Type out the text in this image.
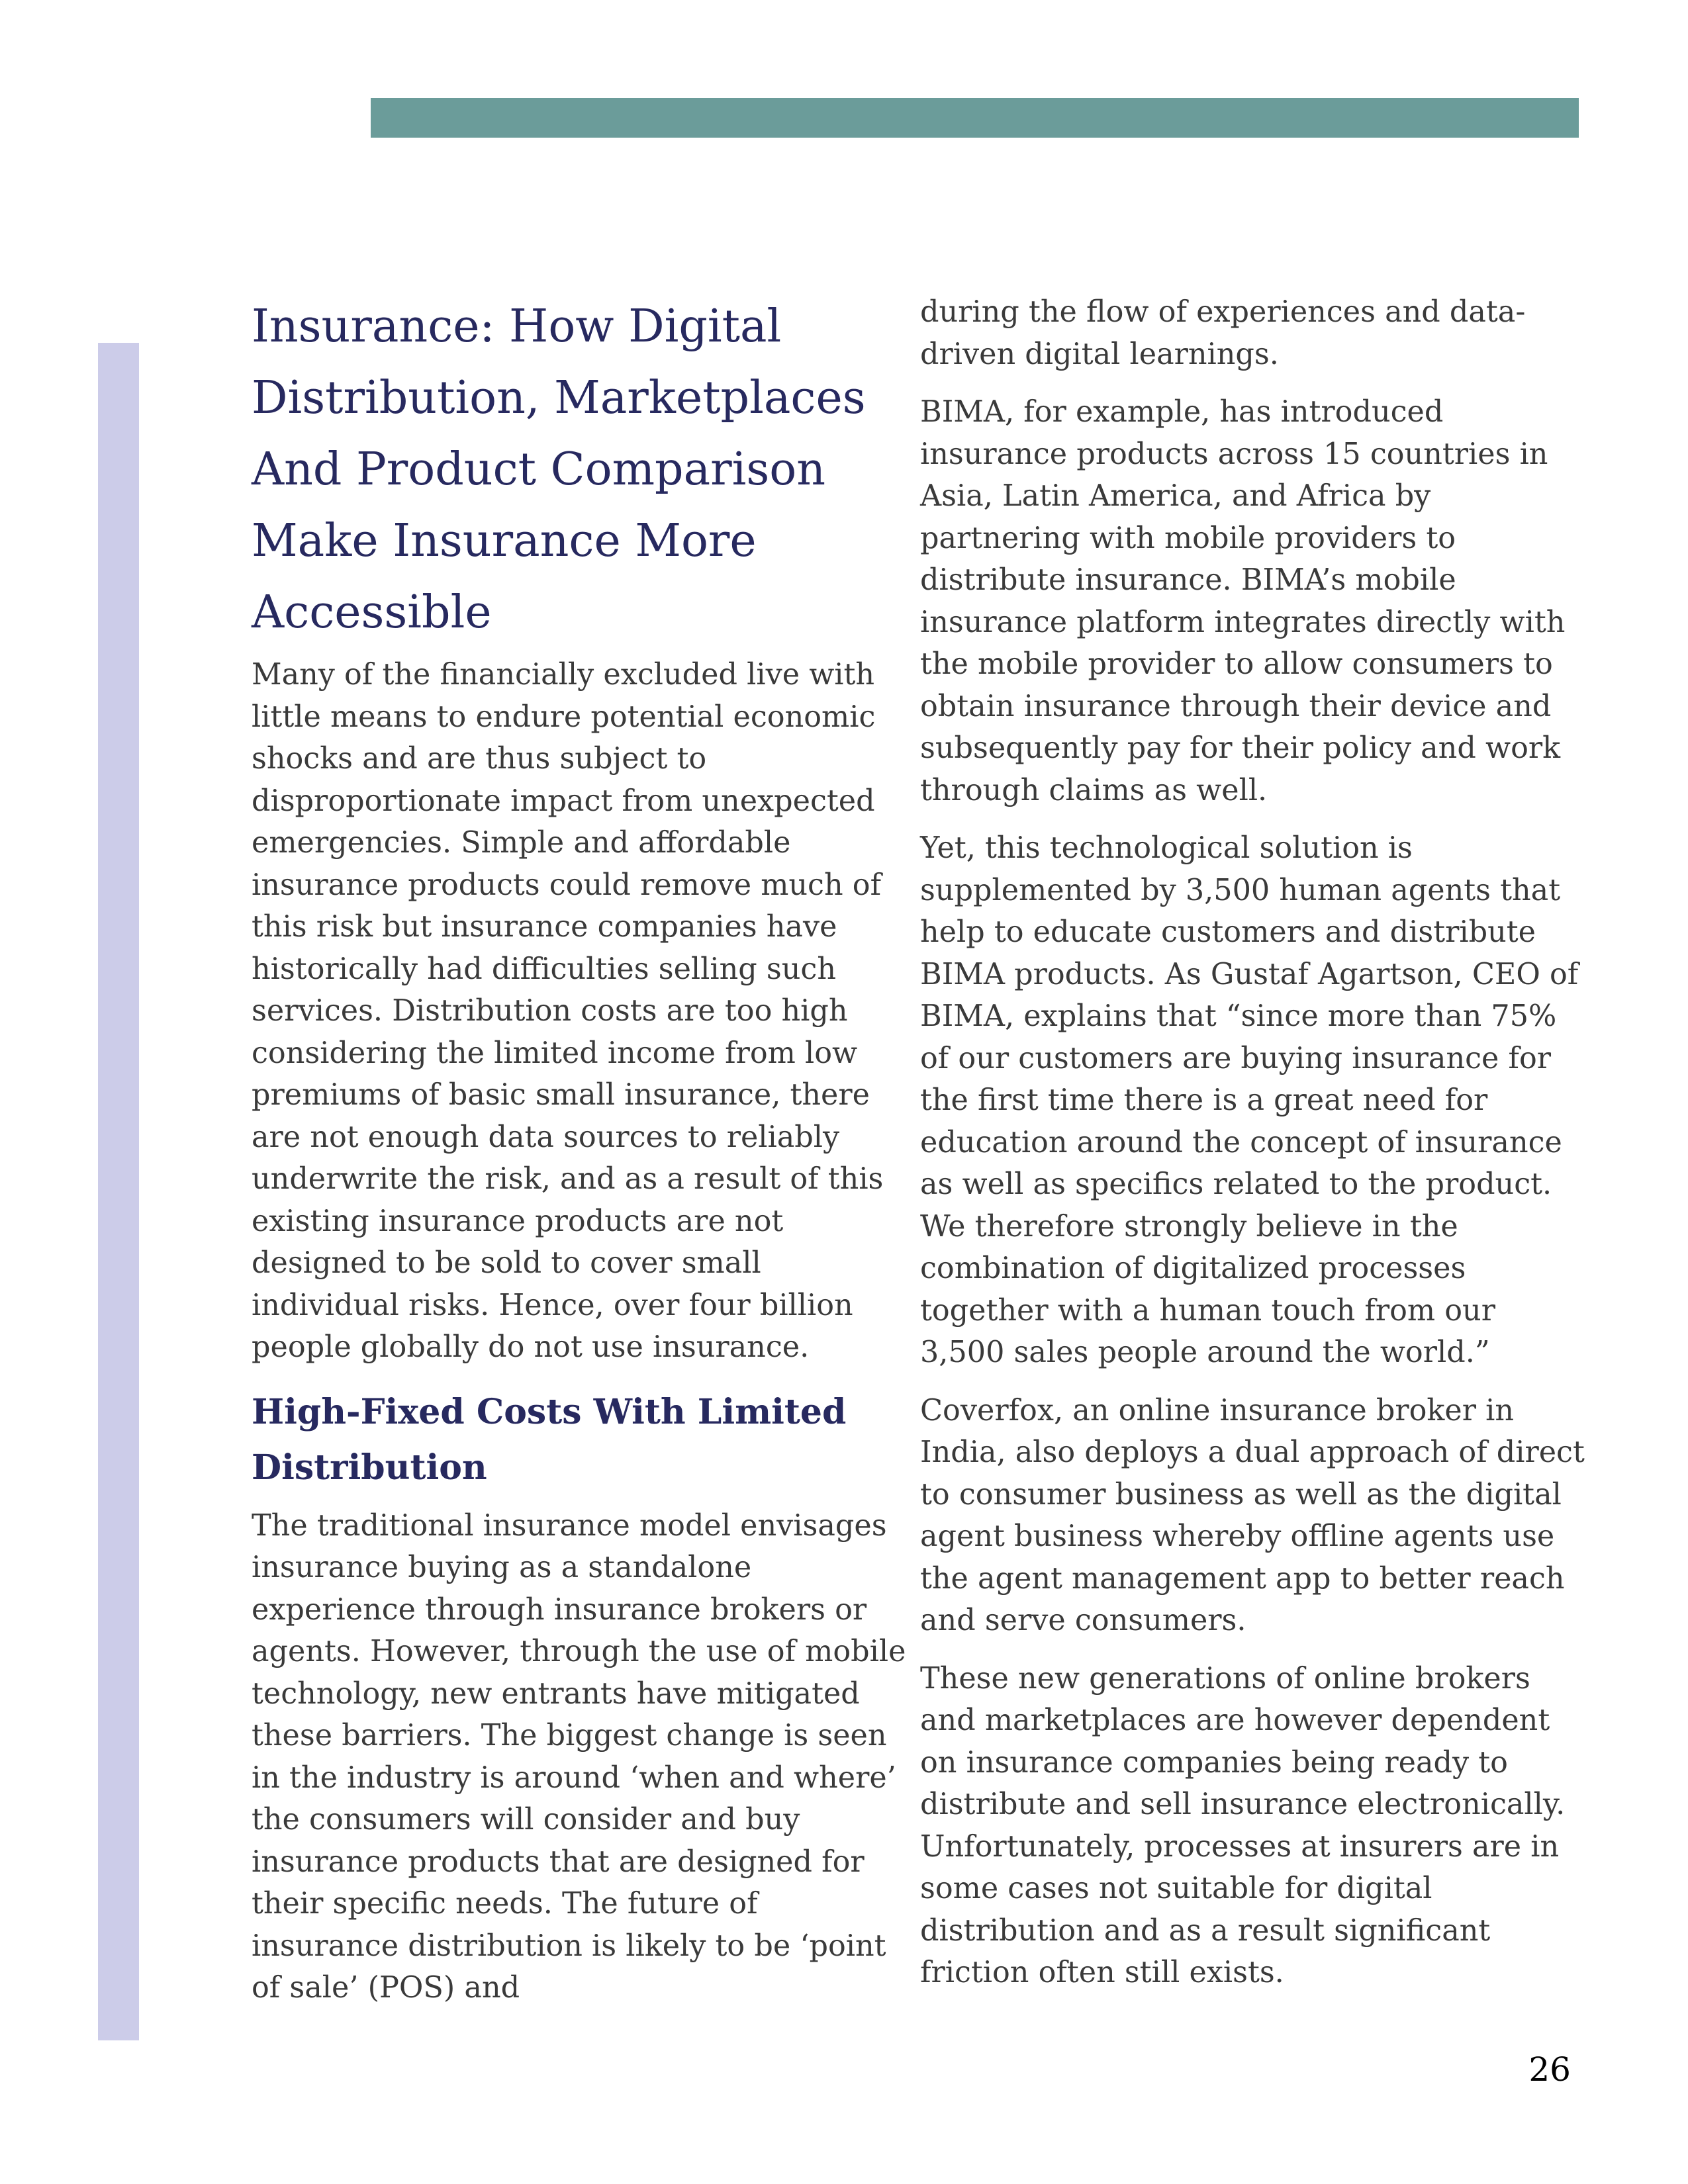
Insurance: How Digital Distribution, Marketplaces And Product Comparison Make Insurance More Accessible

Many of the financially excluded live with little means to endure potential economic shocks and are thus subject to disproportionate impact from unexpected emergencies. Simple and affordable insurance products could remove much of this risk but insurance companies have historically had difficulties selling such services. Distribution costs are too high considering the limited income from low premiums of basic small insurance, there are not enough data sources to reliably underwrite the risk, and as a result of this existing insurance products are not designed to be sold to cover small individual risks. Hence, over four billion people globally do not use insurance.

High-Fixed Costs With Limited Distribution

The traditional insurance model envisages insurance buying as a standalone experience through insurance brokers or agents. However, through the use of mobile technology, new entrants have mitigated these barriers. The biggest change is seen in the industry is around ‘when and where’ the consumers will consider and buy insurance products that are designed for their specific needs. The future of insurance distribution is likely to be ‘point of sale’ (POS) and

during the flow of experiences and data-driven digital learnings.

BIMA, for example, has introduced insurance products across 15 countries in Asia, Latin America, and Africa by partnering with mobile providers to distribute insurance. BIMA’s mobile insurance platform integrates directly with the mobile provider to allow consumers to obtain insurance through their device and subsequently pay for their policy and work through claims as well.

Yet, this technological solution is supplemented by 3,500 human agents that help to educate customers and distribute BIMA products. As Gustaf Agartson, CEO of BIMA, explains that “since more than 75% of our customers are buying insurance for the first time there is a great need for education around the concept of insurance as well as specifics related to the product. We therefore strongly believe in the combination of digitalized processes together with a human touch from our 3,500 sales people around the world.”

Coverfox, an online insurance broker in India, also deploys a dual approach of direct to consumer business as well as the digital agent business whereby offline agents use the agent management app to better reach and serve consumers.

These new generations of online brokers and marketplaces are however dependent on insurance companies being ready to distribute and sell insurance electronically. Unfortunately, processes at insurers are in some cases not suitable for digital distribution and as a result significant friction often still exists.

26
